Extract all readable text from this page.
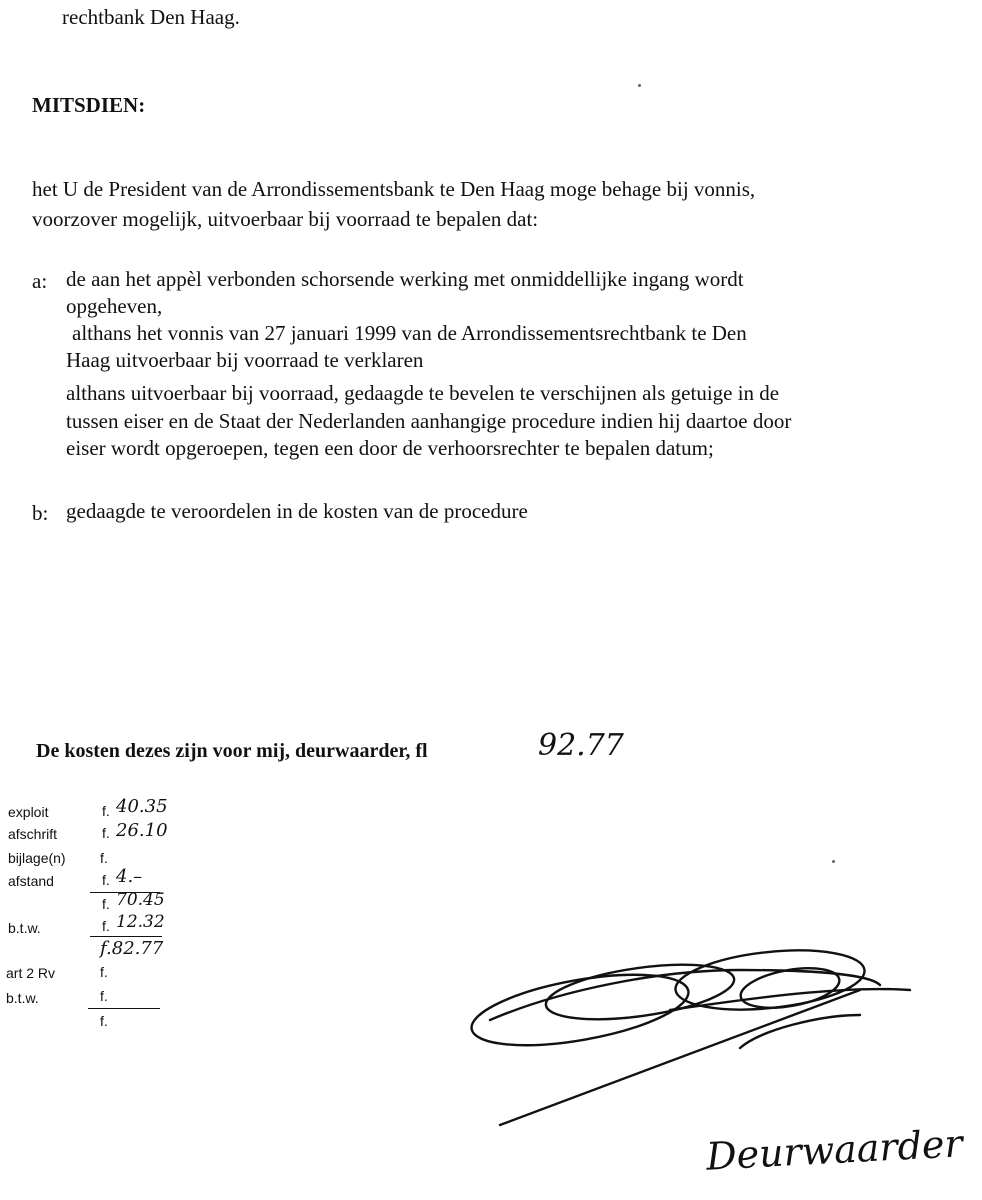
rechtbank Den Haag.
MITSDIEN:
het U de President van de Arrondissementsbank te Den Haag moge behage bij vonnis,
voorzover mogelijk, uitvoerbaar bij voorraad te bepalen dat:
a: de aan het appèl verbonden schorsende werking met onmiddellijke ingang wordt
opgeheven,
althans het vonnis van 27 januari 1999 van de Arrondissementsrechtbank te Den
Haag uitvoerbaar bij voorraad te verklaren
althans uitvoerbaar bij voorraad, gedaagde te bevelen te verschijnen als getuige in de
tussen eiser en de Staat der Nederlanden aanhangige procedure indien hij daartoe door
eiser wordt opgeroepen, tegen een door de verhoorsrechter te bepalen datum;
b: gedaagde te veroordelen in de kosten van de procedure
De kosten dezes zijn voor mij, deurwaarder, fl	92.77
exploit	f. 40.35
afschrift	f. 26.10
bijlage(n) f.
afstand	f. 4.–
f. 70.45
b.t.w.	f. 12.32
f.82.77
art 2 Rv	f.
b.t.w.	f.
f.
Deurwaarder
